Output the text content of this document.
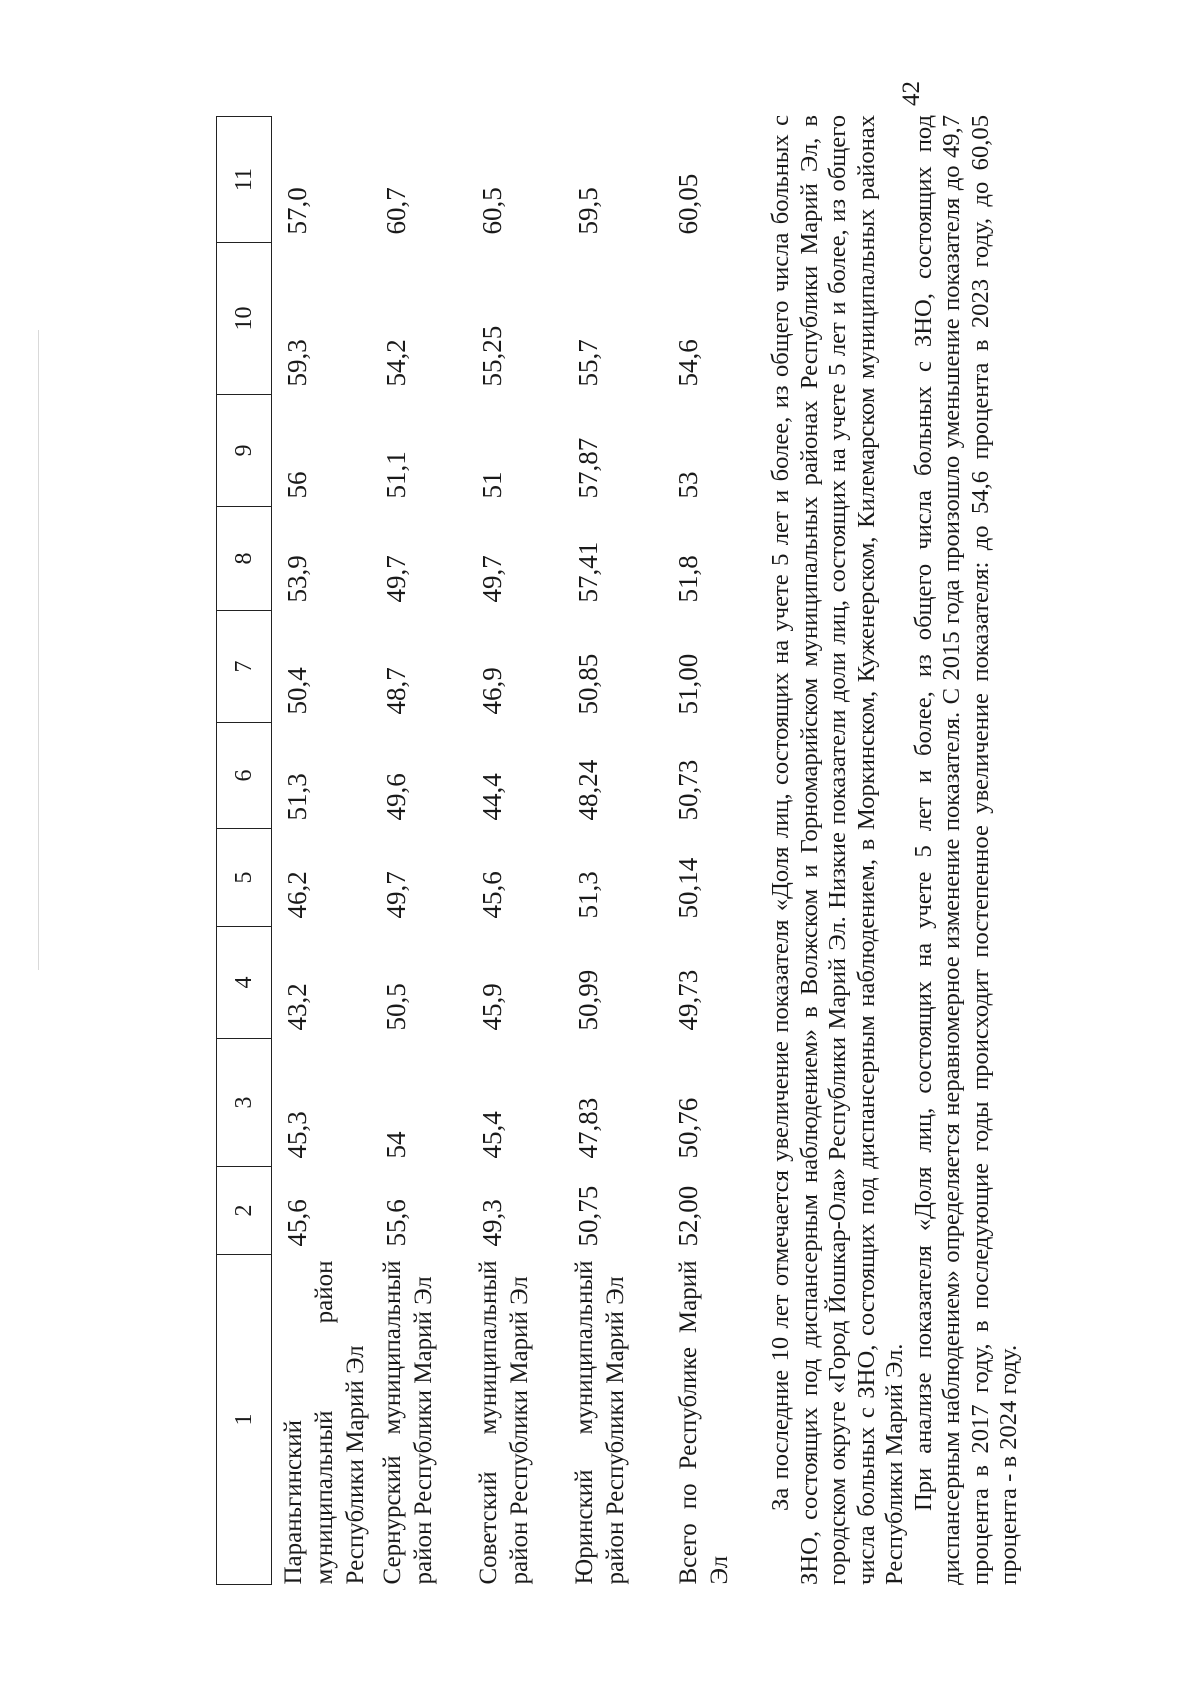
42
1	2	3	4	5	6	7	8	9	10	11
Параньгинский муниципальный район Республики Марий Эл	45,6	45,3	43,2	46,2	51,3	50,4	53,9	56	59,3	57,0
Сернурский муниципальный район Республики Марий Эл	55,6	54	50,5	49,7	49,6	48,7	49,7	51,1	54,2	60,7
Советский муниципальный район Республики Марий Эл	49,3	45,4	45,9	45,6	44,4	46,9	49,7	51	55,25	60,5
Юринский муниципальный район Республики Марий Эл	50,75	47,83	50,99	51,3	48,24	50,85	57,41	57,87	55,7	59,5
Всего по Республике Марий Эл	52,00	50,76	49,73	50,14	50,73	51,00	51,8	53	54,6	60,05	За последние 10 лет отмечается увеличение показателя «Доля лиц, состоящих на учете 5 лет и более, из общего числа больных с ЗНО, состоящих под диспансерным наблюдением» в Волжском и Горномарийском муниципальных районах Республики Марий Эл, в городском округе «Город Йошкар-Ола» Республики Марий Эл. Низкие показатели доли лиц, состоящих на учете 5 лет и более, из общего числа больных с ЗНО, состоящих под диспансерным наблюдением, в Моркинском, Куженерском, Килемарском муниципальных районах Республики Марий Эл. При анализе показателя «Доля лиц, состоящих на учете 5 лет и более, из общего числа больных с ЗНО, состоящих под диспансерным наблюдением» определяется неравномерное изменение показателя. С 2015 года произошло уменьшение показателя до 49,7 процента в 2017 году, в последующие годы происходит постепенное увеличение показателя: до 54,6 процента в 2023 году, до 60,05 процента - в 2024 году.
